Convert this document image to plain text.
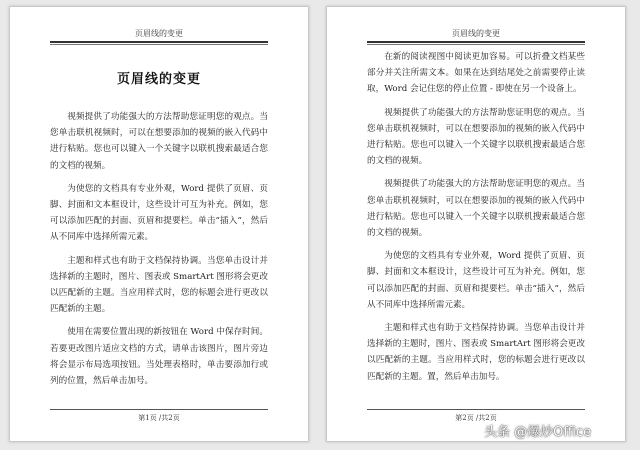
页眉线的变更
页眉线的变更

视频提供了功能强大的方法帮助您证明您的观点。当您单击联机视频时，可以在想要添加的视频的嵌入代码中进行粘贴。您也可以键入一个关键字以联机搜索最适合您的文档的视频。

为使您的文档具有专业外观，Word 提供了页眉、页脚、封面和文本框设计，这些设计可互为补充。例如，您可以添加匹配的封面、页眉和提要栏。单击“插入”，然后从不同库中选择所需元素。

主题和样式也有助于文档保持协调。当您单击设计并选择新的主题时，图片、图表或 SmartArt 图形将会更改以匹配新的主题。当应用样式时，您的标题会进行更改以匹配新的主题。

使用在需要位置出现的新按钮在 Word 中保存时间。若要更改图片适应文档的方式，请单击该图片，图片旁边将会显示布局选项按钮。当处理表格时，单击要添加行或列的位置，然后单击加号。

第1页 /共2页
页眉线的变更

在新的阅读视图中阅读更加容易。可以折叠文档某些部分并关注所需文本。如果在达到结尾处之前需要停止读取，Word 会记住您的停止位置 - 即使在另一个设备上。

视频提供了功能强大的方法帮助您证明您的观点。当您单击联机视频时，可以在想要添加的视频的嵌入代码中进行粘贴。您也可以键入一个关键字以联机搜索最适合您的文档的视频。

视频提供了功能强大的方法帮助您证明您的观点。当您单击联机视频时，可以在想要添加的视频的嵌入代码中进行粘贴。您也可以键入一个关键字以联机搜索最适合您的文档的视频。

为使您的文档具有专业外观，Word 提供了页眉、页脚、封面和文本框设计，这些设计可互为补充。例如，您可以添加匹配的封面、页眉和提要栏。单击“插入”，然后从不同库中选择所需元素。

主题和样式也有助于文档保持协调。当您单击设计并选择新的主题时，图片、图表或 SmartArt 图形将会更改以匹配新的主题。当应用样式时，您的标题会进行更改以匹配新的主题。置，然后单击加号。

第2页 /共2页
头条 @爆炒Office
